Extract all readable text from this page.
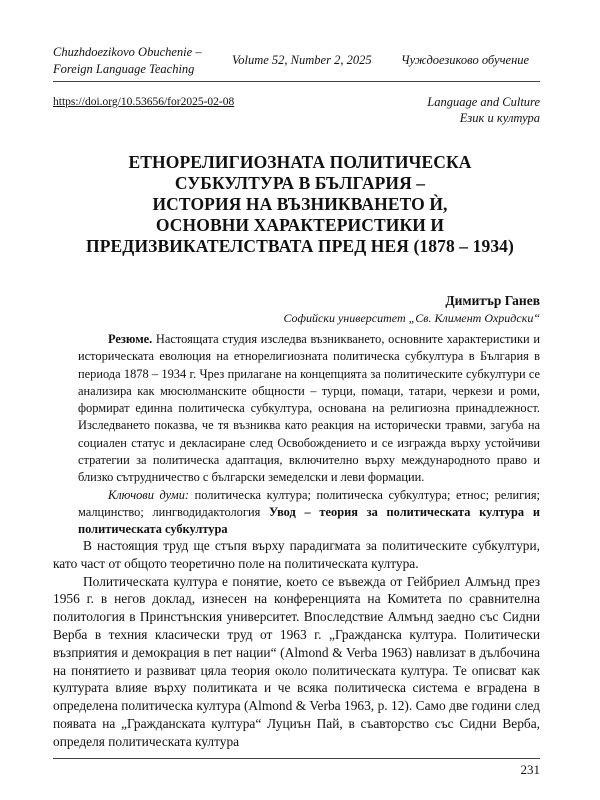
Chuzhdoezikovo Obuchenie –
Foreign Language Teaching
Volume 52, Number 2, 2025 Чуждоезиково обучение
https://doi.org/10.53656/for2025-02-08	Language and Culture
Език и култура
ЕТНОРЕЛИГИОЗНАТА ПОЛИТИЧЕСКА
СУБКУЛТУРА В БЪЛГАРИЯ –
ИСТОРИЯ НА ВЪЗНИКВАНЕТО Ѝ,
ОСНОВНИ ХАРАКТЕРИСТИКИ И
ПРЕДИЗВИКАТЕЛСТВАТА ПРЕД НЕЯ (1878 – 1934)
Димитър Ганев
Софийски университет „Св. Климент Охридски“

Резюме. Настоящата студия изследва възникването, основните характеристики и историческата еволюция на етнорелигиозната политическа субкултура в България в периода 1878 – 1934 г. Чрез прилагане на концепцията за политическите субкултури се анализира как мюсюлманските общности – турци, помаци, татари, черкези и роми, формират единна политическа субкултура, основана на религиозна принадлежност. Изследването показва, че тя възниква като реакция на исторически травми, загуба на социален статус и декласиране след Освобождението и се изгражда върху устойчиви стратегии за политическа адаптация, включително върху международното право и близко сътрудничество с български земеделски и леви формации.

Ключови думи: политическа култура; политическа субкултура; етнос; религия; малцинство; лингводидактология Увод – теория за политическата култура и политическата субкултура

В настоящия труд ще стъпя върху парадигмата за политическите субкултури, като част от общото теоретично поле на политическата култура.

Политическата култура е понятие, което се въвежда от Гейбриел Алмънд през 1956 г. в негов доклад, изнесен на конференцията на Комитета по сравнителна политология в Принстънския университет. Впоследствие Алмънд заедно със Сидни Верба в техния класически труд от 1963 г. „Гражданска култура. Политически възприятия и демокрация в пет нации“ (Almond & Verba 1963) навлизат в дълбочина на понятието и развиват цяла теория около политическата култура. Те описват как културата влияе върху политиката и че всяка политическа система е вградена в определена политическа култура (Almond & Verba 1963, p. 12). Само две години след появата на „Гражданската култура“ Луциън Пай, в съавторство със Сидни Верба, определя политическата култура

231
